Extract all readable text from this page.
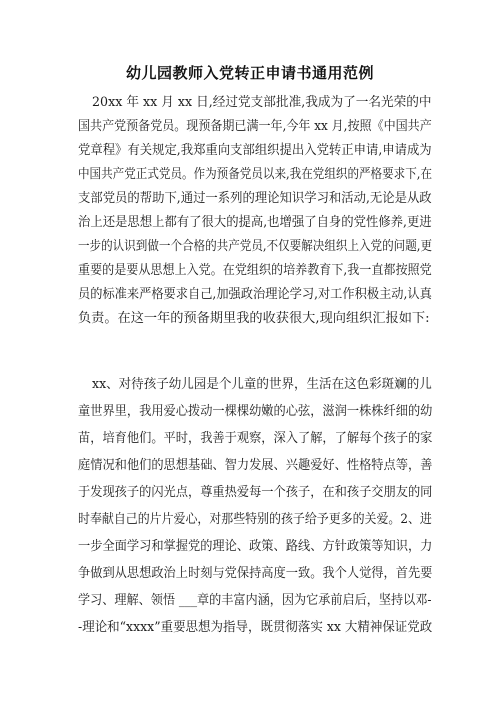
幼儿园教师入党转正申请书通用范例
20xx 年 xx 月 xx 日,经过党支部批准,我成为了一名光荣的中
国共产党预备党员。现预备期已满一年,今年 xx 月,按照《中国共产
党章程》有关规定,我郑重向支部组织提出入党转正申请,申请成为
中国共产党正式党员。作为预备党员以来,我在党组织的严格要求下,在
支部党员的帮助下,通过一系列的理论知识学习和活动,无论是从政
治上还是思想上都有了很大的提高,也增强了自身的党性修养,更进
一步的认识到做一个合格的共产党员,不仅要解决组织上入党的问题,更
重要的是要从思想上入党。在党组织的培养教育下,我一直都按照党
员的标准来严格要求自己,加强政治理论学习,对工作积极主动,认真
负责。在这一年的预备期里我的收获很大,现向组织汇报如下:
xx、对待孩子幼儿园是个儿童的世界，生活在这色彩斑斓的儿
童世界里，我用爱心拨动一棵棵幼嫩的心弦，滋润一株株纤细的幼
苗，培育他们。平时，我善于观察，深入了解，了解每个孩子的家
庭情况和他们的思想基础、智力发展、兴趣爱好、性格特点等，善
于发现孩子的闪光点，尊重热爱每一个孩子，在和孩子交朋友的同
时奉献自己的片片爱心，对那些特别的孩子给予更多的关爱。2、进
一步全面学习和掌握党的理论、政策、路线、方针政策等知识，力
争做到从思想政治上时刻与党保持高度一致。我个人觉得，首先要
学习、理解、领悟 ___章的丰富内涵，因为它承前启后，坚持以邓-
-理论和“xxxx”重要思想为指导，既贯彻落实 xx 大精神保证党政
